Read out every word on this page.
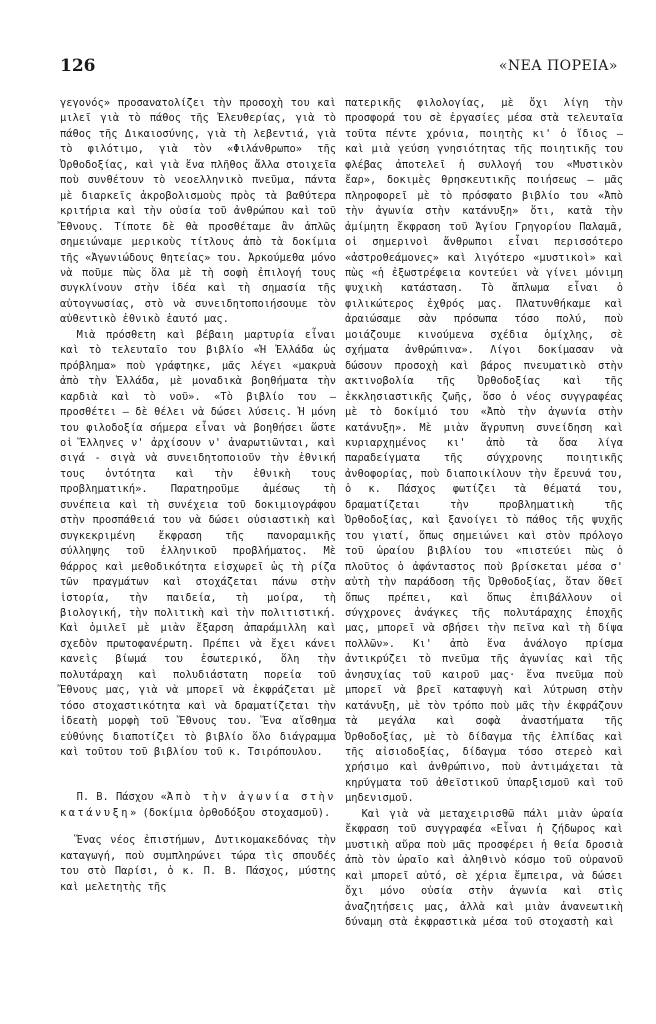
126	«ΝΕΑ ΠΟΡΕΙΑ»

γεγονός» προσανατολίζει τὴν προσοχὴ του καὶ μιλεῖ γιὰ τὸ πάθος τῆς Ἐλευθερίας, γιὰ τὸ πάθος τῆς Δικαιοσύνης, γιὰ τὴ λεβεντιά, γιὰ τὸ φιλότιμο, γιὰ τὸν «Φιλάνθρωπο» τῆς Ὀρθοδοξίας, καὶ γιὰ ἕνα πλῆθος ἄλλα στοιχεῖα ποὺ συνθέτουν τὸ νεοελληνικὸ πνεῦμα, πάντα μὲ διαρκεῖς ἀκροβολισμοὺς πρὸς τὰ βαθύτερα κριτήρια καὶ τὴν οὐσία τοῦ ἀνθρώπου καὶ τοῦ Ἔθνους. Τίποτε δὲ θὰ προσθέταμε ἂν ἁπλῶς σημειώναμε μερικοὺς τίτλους ἀπὸ τὰ δοκίμια τῆς «Ἀγωνιώδους θητείας» του. Ἀρκούμεθα μόνο νὰ ποῦμε πὼς ὅλα μὲ τὴ σοφὴ ἐπιλογή τους συγκλίνουν στὴν ἰδέα καὶ τὴ σημασία τῆς αὐτογνωσίας, στὸ νὰ συνειδητοποιήσουμε τὸν αὐθεντικὸ ἐθνικὸ ἑαυτό μας.

Μιὰ πρόσθετη καὶ βέβαιη μαρτυρία εἶναι καὶ τὸ τελευταῖο του βιβλίο «Ἡ Ἑλλάδα ὡς πρόβλημα» ποὺ γράφτηκε, μᾶς λέγει «μακρυὰ ἀπὸ τὴν Ἑλλάδα, μὲ μοναδικὰ βοηθήματα τὴν καρδιὰ καὶ τὸ νοῦ». «Τὸ βιβλίο του — προσθέτει — δὲ θέλει νὰ δώσει λύσεις. Ἡ μόνη του φιλοδοξία σήμερα εἶναι νὰ βοηθήσει ὥστε οἱ Ἕλληνες ν' ἀρχίσουν ν' ἀναρωτιῶνται, καὶ σιγά - σιγὰ νὰ συνειδητοποιοῦν τὴν ἐθνική τους ὀντότητα καὶ τὴν ἐθνικὴ τους προβληματική». Παρατηροῦμε ἀμέσως τὴ συνέπεια καὶ τὴ συνέχεια τοῦ δοκιμιογράφου στὴν προσπάθειά του νὰ δώσει οὐσιαστικὴ καὶ συγκεκριμένη ἔκφραση τῆς πανοραμικῆς σύλληψης τοῦ ἑλληνικοῦ προβλήματος. Μὲ θάρρος καὶ μεθοδικότητα εἰσχωρεῖ ὡς τὴ ρίζα τῶν πραγμάτων καὶ στοχάζεται πάνω στὴν ἱστορία, τὴν παιδεία, τὴ μοίρα, τὴ βιολογική, τὴν πολιτικὴ καὶ τὴν πολιτιστική. Καὶ ὁμιλεῖ μὲ μιὰν ἔξαρση ἀπαράμιλλη καὶ σχεδὸν πρωτοφανέρωτη. Πρέπει νὰ ἔχει κάνει κανεὶς βίωμά του ἐσωτερικό, ὅλη τὴν πολυτάραχη καὶ πολυδιάστατη πορεία τοῦ Ἔθνους μας, γιὰ νὰ μπορεῖ νὰ ἐκφράζεται μὲ τόσο στοχαστικότητα καὶ νὰ δραματίζεται τὴν ἰδεατὴ μορφὴ τοῦ Ἔθνους του. Ἕνα αἴσθημα εὐθύνης διαποτίζει τὸ βιβλίο ὅλο διάγραμμα καὶ τοῦτου τοῦ βιβλίου τοῦ κ. Τσιρόπουλου.

Π. Β. Πάσχου «Ἀπὸ τὴν ἀγωνία στὴν κατάνυξη» (δοκίμια ὀρθοδόξου στοχασμοῦ).

Ἕνας νέος ἐπιστήμων, Δυτικομακεδόνας τὴν καταγωγή, ποὺ συμπληρώνει τώρα τὶς σπουδές του στὸ Παρίσι, ὁ κ. Π. Β. Πάσχος, μύστης καὶ μελετητὴς τῆς

πατερικῆς φιλολογίας, μὲ ὄχι λίγη τὴν προσφορά του σὲ ἐργασίες μέσα στὰ τελευταῖα τοῦτα πέντε χρόνια, ποιητὴς κι' ὁ ἴδιος — καὶ μιὰ γεύση γνησιότητας τῆς ποιητικῆς του φλέβας ἀποτελεῖ ἡ συλλογή του «Μυστικὸν ἔαρ», δοκιμὲς θρησκευτικῆς ποιήσεως — μᾶς πληροφορεῖ μὲ τὸ πρόσφατο βιβλίο του «Ἀπὸ τὴν ἀγωνία στὴν κατάνυξη» ὅτι, κατὰ τὴν ἀμίμητη ἔκφραση τοῦ Ἁγίου Γρηγορίου Παλαμᾶ, οἱ σημερινοὶ ἄνθρωποι εἶναι περισσότερο «ἀστροθεάμονες» καὶ λιγότερο «μυστικοὶ» καὶ πὼς «ἡ ἐξωστρέφεια κοντεύει νὰ γίνει μόνιμη ψυχικὴ κατάσταση. Τὸ ἄπλωμα εἶναι ὁ φιλικώτερος ἐχθρός μας. Πλατυνθήκαμε καὶ ἀραιώσαμε σὰν πρόσωπα τόσο πολύ, ποὺ μοιάζουμε κινούμενα σχέδια ὁμίχλης, σὲ σχήματα ἀνθρώπινα». Λίγοι δοκίμασαν νὰ δώσουν προσοχὴ καὶ βάρος πνευματικὸ στὴν ακτινοβολία τῆς Ὀρθοδοξίας καὶ τῆς ἐκκλησιαστικῆς ζωῆς, ὅσο ὁ νέος συγγραφέας μὲ τὸ δοκίμιό του «Ἀπὸ τὴν ἀγωνία στὴν κατάνυξη». Μὲ μιὰν ἄγρυπνη συνείδηση καὶ κυριαρχημένος κι' ἀπὸ τὰ ὅσα λίγα παραδείγματα τῆς σύγχρονης ποιητικῆς ἀνθοφορίας, ποὺ διαποικίλουν τὴν ἔρευνά του, ὁ κ. Πάσχος φωτίζει τὰ θέματά του, δραματίζεται τὴν προβληματικὴ τῆς Ὀρθοδοξίας, καὶ ξανοίγει τὸ πάθος τῆς ψυχῆς του γιατί, ὅπως σημειώνει καὶ στὸν πρόλογο τοῦ ὡραίου βιβλίου του «πιστεύει πὼς ὁ πλοῦτος ὁ ἀφάνταστος ποὺ βρίσκεται μέσα σ' αὐτὴ τὴν παράδοση τῆς Ὀρθοδοξίας, ὅταν ὅθεῖ ὅπως πρέπει, καὶ ὅπως ἐπιβάλλουν οἱ σύγχρονες ἀνάγκες τῆς πολυτάραχης ἐποχῆς μας, μπορεῖ νὰ σβήσει τὴν πεῖνα καὶ τὴ δίψα πολλῶν». Κι' ἀπὸ ἕνα ἀνάλογο πρίσμα ἀντικρύζει τὸ πνεῦμα τῆς ἀγωνίας καὶ τῆς ἀνησυχίας τοῦ καιροῦ μας· ἕνα πνεῦμα ποὺ μπορεῖ νὰ βρεῖ καταφυγὴ καὶ λύτρωση στὴν κατάνυξη, μὲ τὸν τρόπο ποὺ μᾶς τὴν ἐκφράζουν τὰ μεγάλα καὶ σοφὰ ἀναστήματα τῆς Ὀρθοδοξίας, μὲ τὸ δίδαγμα τῆς ἐλπίδας καὶ τῆς αἰσιοδοξίας, δίδαγμα τόσο στερεὸ καὶ χρήσιμο καὶ ἀνθρώπινο, ποὺ ἀντιμάχεται τὰ κηρύγματα τοῦ ἀθεϊστικοῦ ὑπαρξισμοῦ καὶ τοῦ μηδενισμοῦ.

Καὶ γιὰ νὰ μεταχειρισθῶ πάλι μιὰν ὡραία ἔκφραση τοῦ συγγραφέα «Εἶναι ἡ ζήδωρος καὶ μυστικὴ αὔρα ποὺ μᾶς προσφέρει ἡ θεία δροσιὰ ἀπὸ τὸν ὡραῖο καὶ ἀληθινὸ κόσμο τοῦ οὐρανοῦ καὶ μπορεῖ αὐτό, σὲ χέρια ἔμπειρα, νὰ δώσει ὄχι μόνο οὐσία στὴν ἀγωνία καὶ στὶς ἀναζητήσεις μας, ἀλλὰ καὶ μιὰν ἀνανεωτικὴ δύναμη στὰ ἐκφραστικὰ μέσα τοῦ στοχαστὴ καὶ
